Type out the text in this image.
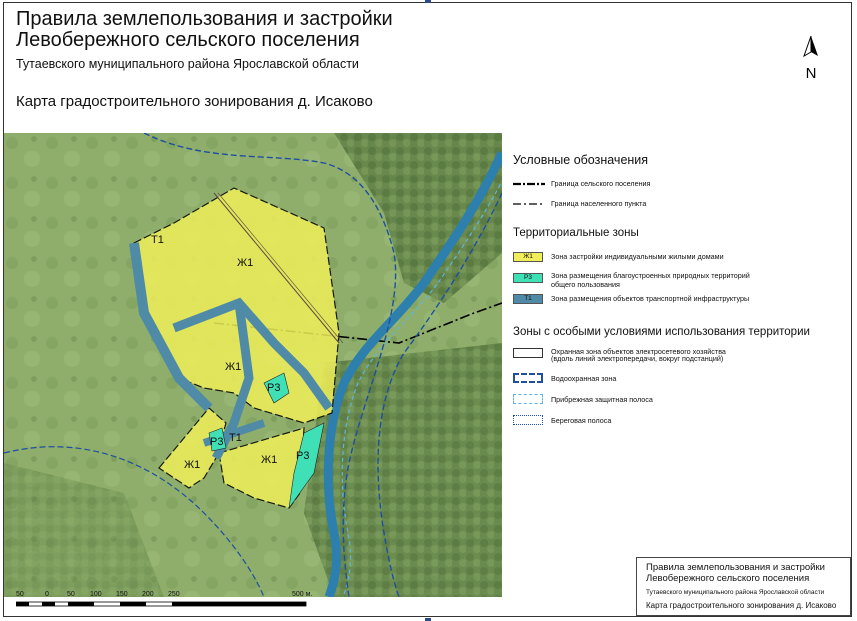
Правила землепользования и застройки
Левобережного сельского поселения
Тутаевского муниципального района Ярославской области
Карта градостроительного зонирования д. Исаково
N
Ж1
Ж1
Ж1
Ж1
Т1
Т1
Р3
Р3
Р3
Условные обозначения
Граница сельского поселения
Граница населенного пункта
Территориальные зоны
Ж1	Зона застройки индивидуальными жилыми домами
Р3	Зона размещения благоустроенных природных территорий
общего пользования
Т1	Зона размещения объектов транспортной инфраструктуры
Зоны с особыми условиями использования территории
Охранная зона объектов электросетевого хозяйства
(вдоль линий электропередачи, вокруг подстанций)
Водоохранная зона
Прибрежная защитная полоса
Береговая полоса
Правила землепользования и застройки
Левобережного сельского поселения
Тутаевского муниципального района Ярославской области
Карта градостроительного зонирования д. Исаково
50	0	50 100 150 200 250	500 м.
